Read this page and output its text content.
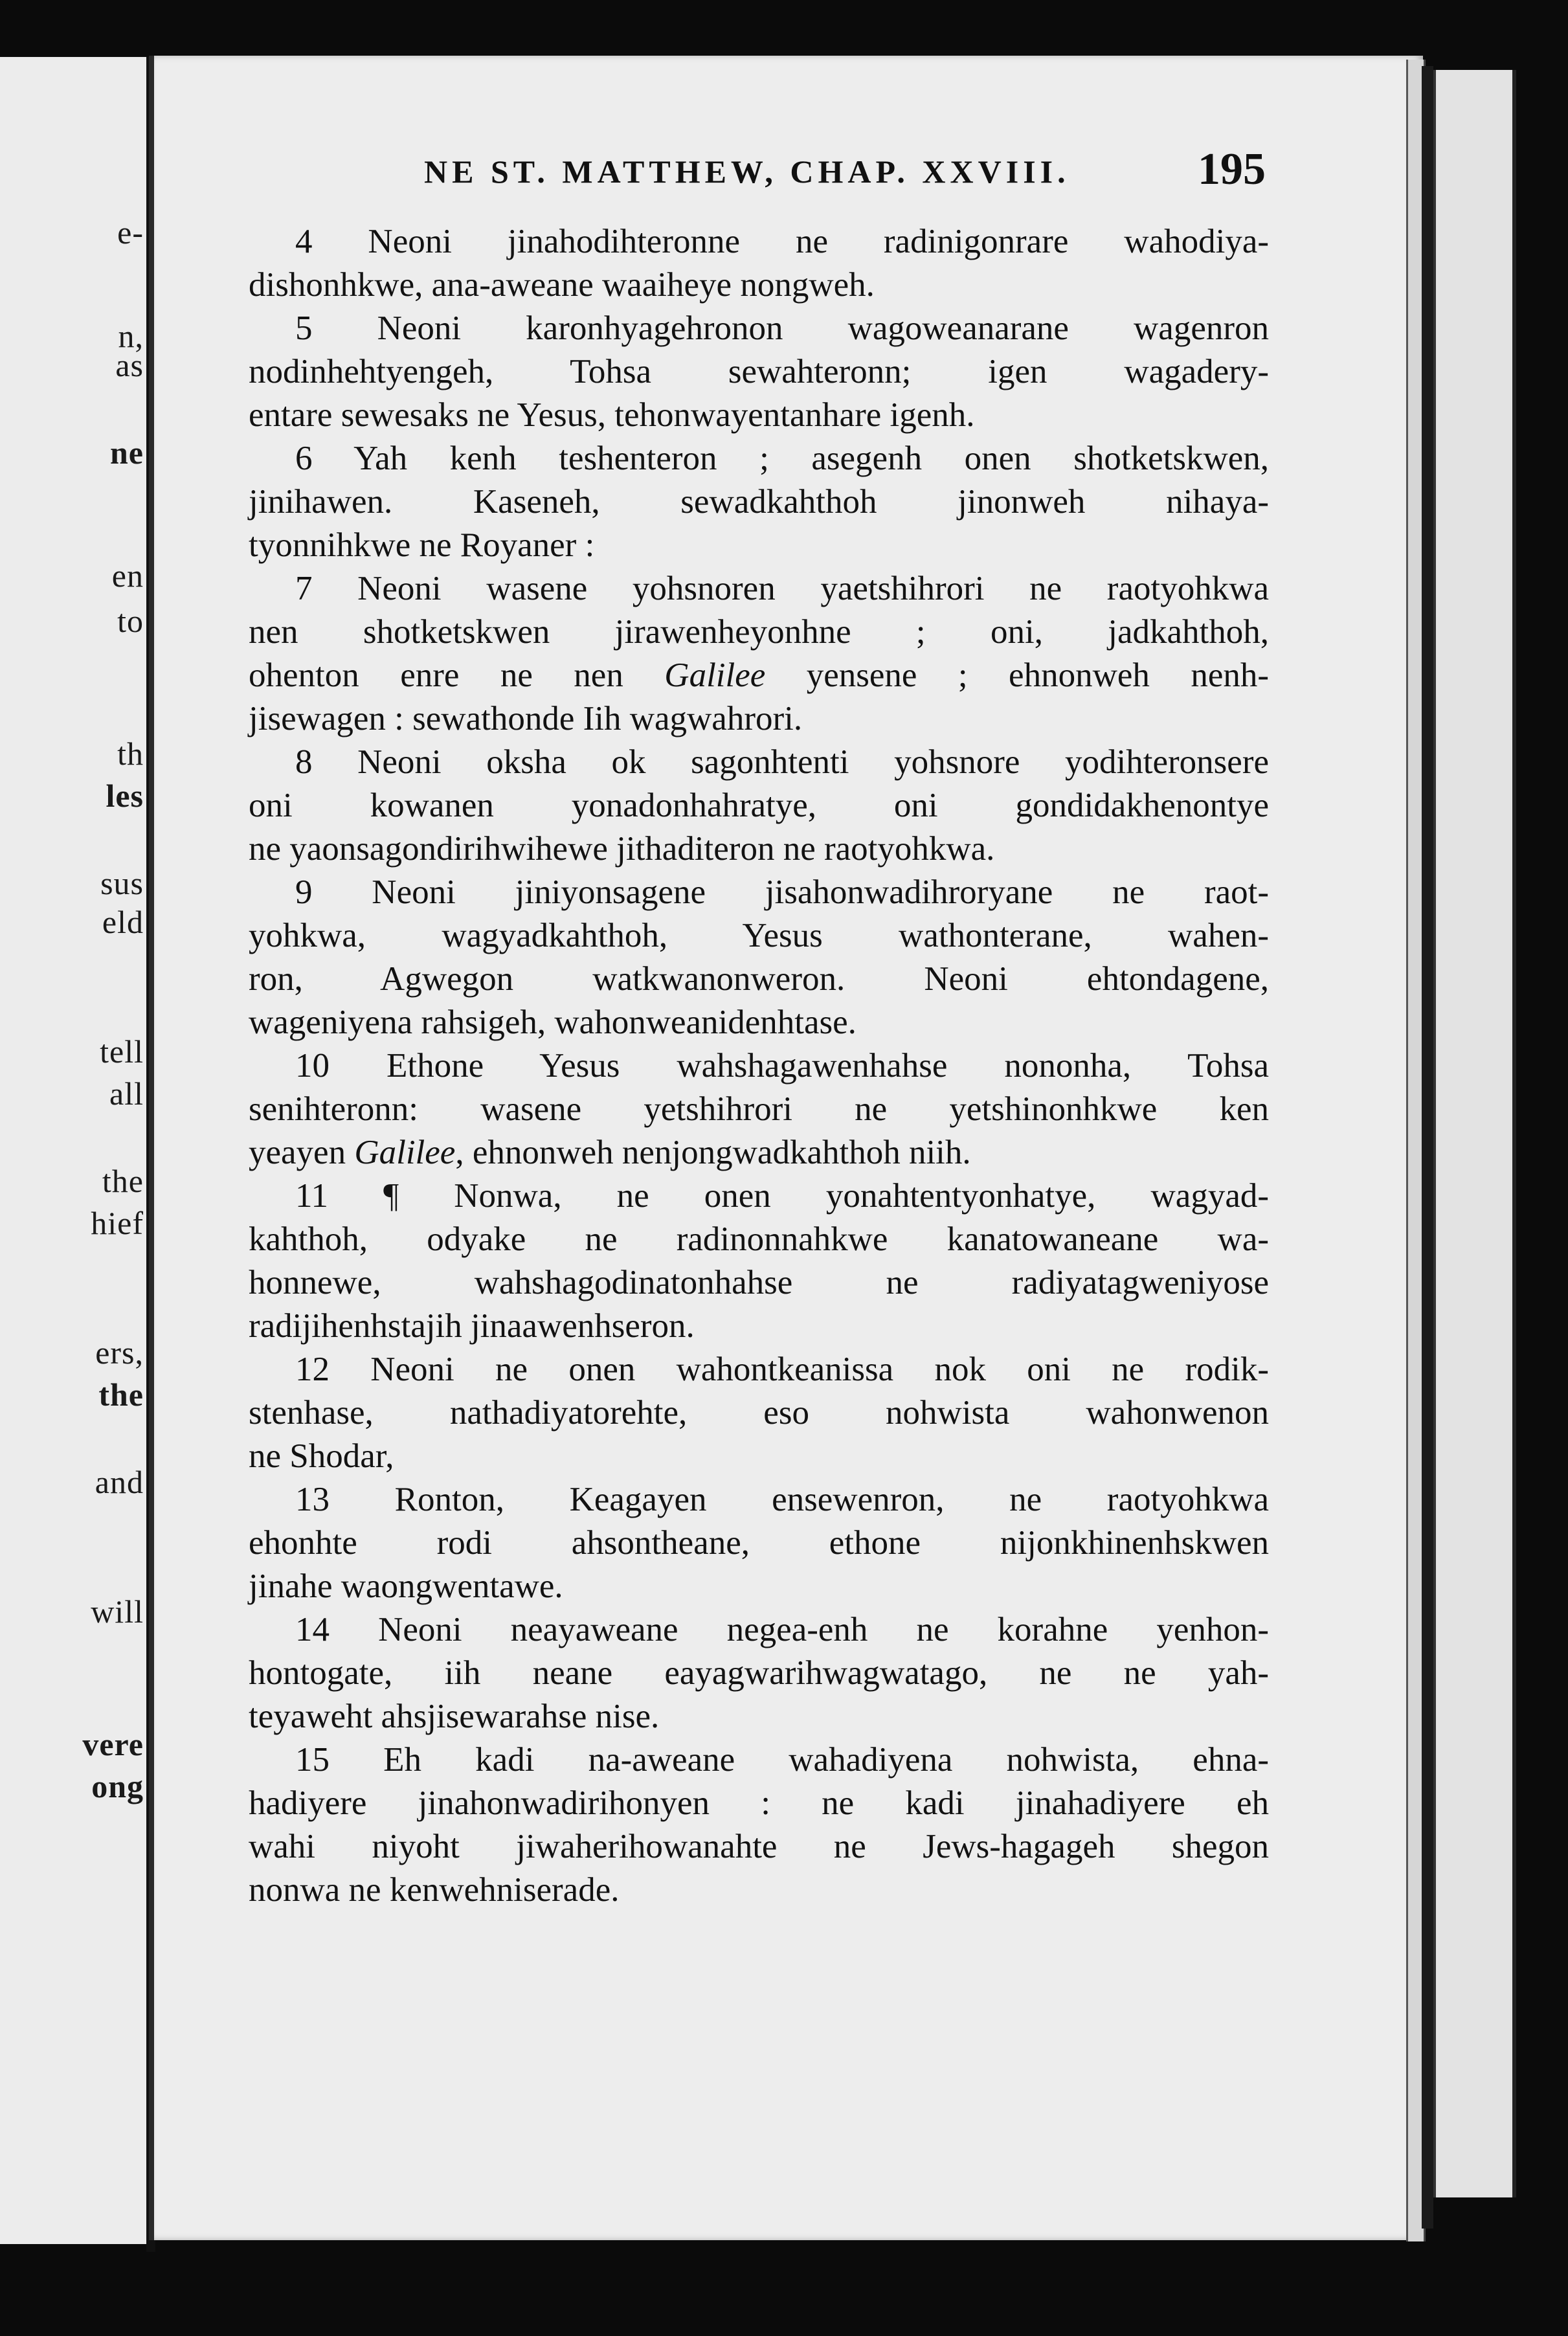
e-

n,

as

ne

en

to

th

les

sus

eld

tell

all

the

hief

ers,

the

and

will

vere

ong

NE ST. MATTHEW, CHAP. XXVIII.	195
4 Neoni jinahodihteronne ne radinigonrare wahodiya-
dishonhkwe, ana-aweane waaiheye nongweh.
5 Neoni karonhyagehronon wagoweanarane wagenron
nodinhehtyengeh, Tohsa sewahteronn; igen wagadery-
entare sewesaks ne Yesus, tehonwayentanhare igenh.
6 Yah kenh teshenteron ; asegenh onen shotketskwen,
jinihawen. Kaseneh, sewadkahthoh jinonweh nihaya-
tyonnihkwe ne Royaner :
7 Neoni wasene yohsnoren yaetshihrori ne raotyohkwa
nen shotketskwen jirawenheyonhne ; oni, jadkahthoh,
ohenton enre ne nen Galilee yensene ; ehnonweh nenh-
jisewagen : sewathonde Iih wagwahrori.
8 Neoni oksha ok sagonhtenti yohsnore yodihteronsere
oni kowanen yonadonhahratye, oni gondidakhenontye
ne yaonsagondirihwihewe jithaditeron ne raotyohkwa.
9 Neoni jiniyonsagene jisahonwadihroryane ne raot-
yohkwa, wagyadkahthoh, Yesus wathonterane, wahen-
ron, Agwegon watkwanonweron. Neoni ehtondagene,
wageniyena rahsigeh, wahonweanidenhtase.
10 Ethone Yesus wahshagawenhahse nononha, Tohsa
senihteronn: wasene yetshihrori ne yetshinonhkwe ken
yeayen Galilee, ehnonweh nenjongwadkahthoh niih.
11 ¶ Nonwa, ne onen yonahtentyonhatye, wagyad-
kahthoh, odyake ne radinonnahkwe kanatowaneane wa-
honnewe, wahshagodinatonhahse ne radiyatagweniyose
radijihenhstajih jinaawenhseron.
12 Neoni ne onen wahontkeanissa nok oni ne rodik-
stenhase, nathadiyatorehte, eso nohwista wahonwenon
ne Shodar,
13 Ronton, Keagayen ensewenron, ne raotyohkwa
ehonhte rodi ahsontheane, ethone nijonkhinenhskwen
jinahe waongwentawe.
14 Neoni neayaweane negea-enh ne korahne yenhon-
hontogate, iih neane eayagwarihwagwatago, ne ne yah-
teyaweht ahsjisewarahse nise.
15 Eh kadi na-aweane wahadiyena nohwista, ehna-
hadiyere jinahonwadirihonyen : ne kadi jinahadiyere eh
wahi niyoht jiwaherihowanahte ne Jews-hagageh shegon
nonwa ne kenwehniserade.
